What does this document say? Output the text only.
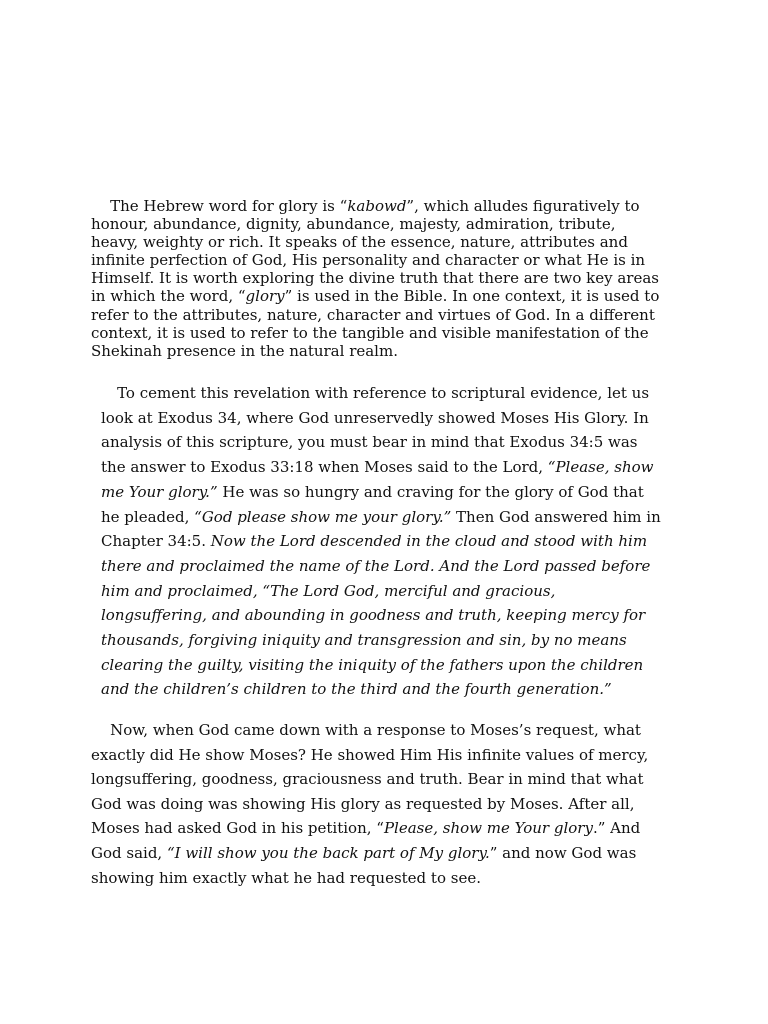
The Hebrew word for glory is “kabowd”, which alludes figuratively to
honour, abundance, dignity, abundance, majesty, admiration, tribute,
heavy, weighty or rich. It speaks of the essence, nature, attributes and
infinite perfection of God, His personality and character or what He is in
Himself. It is worth exploring the divine truth that there are two key areas
in which the word, “glory” is used in the Bible. In one context, it is used to
refer to the attributes, nature, character and virtues of God. In a different
context, it is used to refer to the tangible and visible manifestation of the
Shekinah presence in the natural realm.

To cement this revelation with reference to scriptural evidence, let us
look at Exodus 34, where God unreservedly showed Moses His Glory. In
analysis of this scripture, you must bear in mind that Exodus 34:5 was
the answer to Exodus 33:18 when Moses said to the Lord, “Please, show
me Your glory.” He was so hungry and craving for the glory of God that
he pleaded, “God please show me your glory.” Then God answered him in
Chapter 34:5. Now the Lord descended in the cloud and stood with him
there and proclaimed the name of the Lord. And the Lord passed before
him and proclaimed, “The Lord God, merciful and gracious,
longsuffering, and abounding in goodness and truth, keeping mercy for
thousands, forgiving iniquity and transgression and sin, by no means
clearing the guilty, visiting the iniquity of the fathers upon the children
and the children’s children to the third and the fourth generation.”

Now, when God came down with a response to Moses’s request, what
exactly did He show Moses? He showed Him His infinite values of mercy,
longsuffering, goodness, graciousness and truth. Bear in mind that what
God was doing was showing His glory as requested by Moses. After all,
Moses had asked God in his petition, “Please, show me Your glory.” And
God said, “I will show you the back part of My glory.” and now God was
showing him exactly what he had requested to see.
